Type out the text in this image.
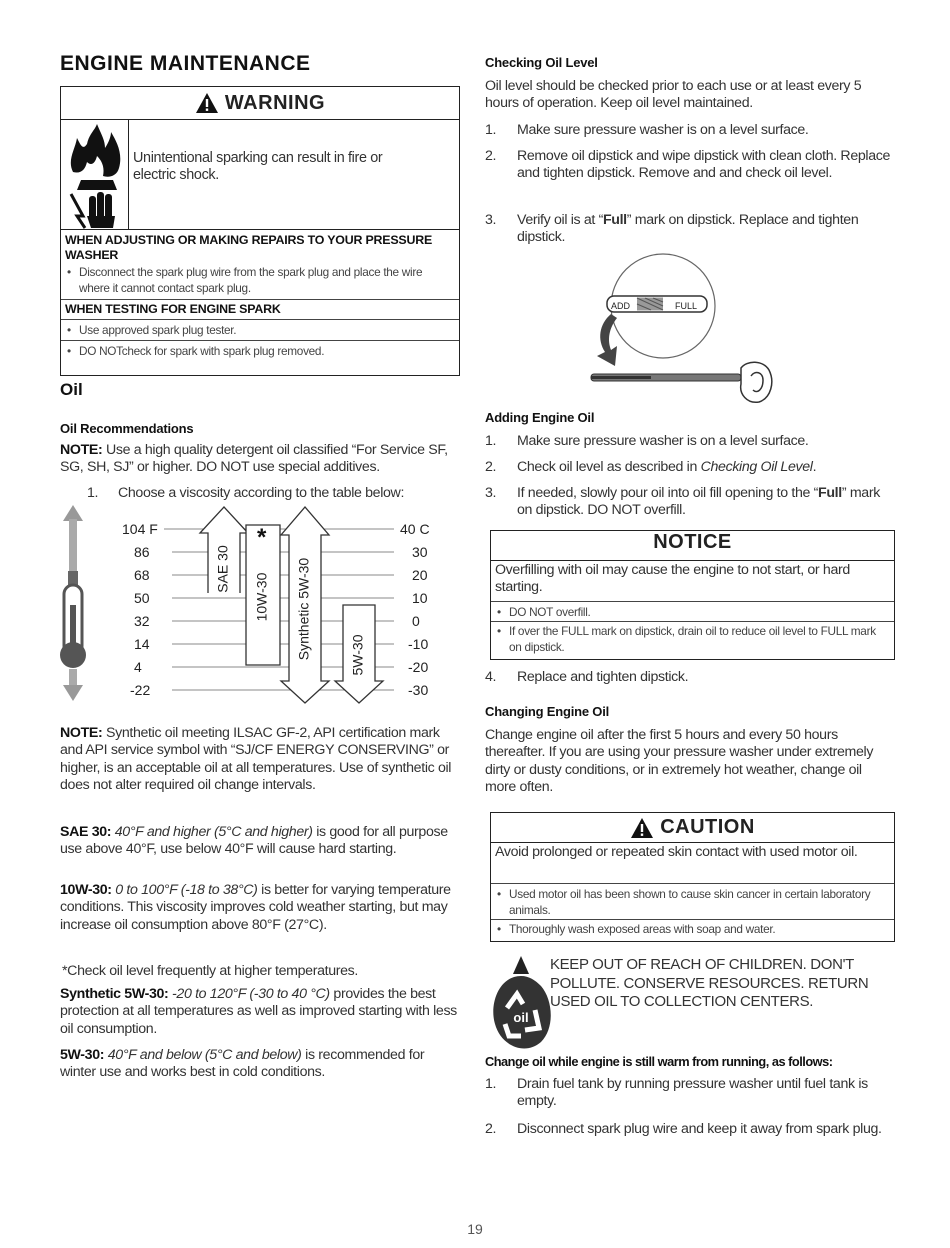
ENGINE MAINTENANCE
WARNING
Unintentional sparking can result in fire or
electric shock.
WHEN ADJUSTING OR MAKING REPAIRS TO YOUR PRESSURE WASHER
• Disconnect the spark plug wire from the spark plug and place the wire where it cannot contact spark plug.
WHEN TESTING FOR ENGINE SPARK
• Use approved spark plug tester.
• DO NOTcheck for spark with spark plug removed.
Oil
Oil Recommendations
NOTE: Use a high quality detergent oil classified “For Service SF, SG, SH, SJ” or higher. DO NOT use special additives.
1. Choose a viscosity according to the table below:
104 F
86
68
50
32
14
4
-22
40 C
30
20
10
0
-10
-20
-30
SAE 30
10W-30 Synthetic 5W-30	5W-30
*
NOTE: Synthetic oil meeting ILSAC GF-2, API certification mark and API service symbol with “SJ/CF ENERGY CONSERVING” or higher, is an acceptable oil at all temperatures. Use of synthetic oil does not alter required oil change intervals.
SAE 30: 40°F and higher (5°C and higher) is good for all purpose use above 40°F, use below 40°F will cause hard starting.
10W-30: 0 to 100°F (-18 to 38°C) is better for varying temperature conditions. This viscosity improves cold weather starting, but may increase oil consumption above 80°F (27°C).
*Check oil level frequently at higher temperatures.
Synthetic 5W-30: -20 to 120°F (-30 to 40 °C) provides the best protection at all temperatures as well as improved starting with less oil consumption.
5W-30: 40°F and below (5°C and below) is recommended for winter use and works best in cold conditions.
Checking Oil Level
Oil level should be checked prior to each use or at least every 5 hours of operation. Keep oil level maintained.
1. Make sure pressure washer is on a level surface.
2. Remove oil dipstick and wipe dipstick with clean cloth. Replace and tighten dipstick. Remove and and check oil level.
3. Verify oil is at “Full” mark on dipstick. Replace and tighten dipstick.
ADD	FULL
Adding Engine Oil
1. Make sure pressure washer is on a level surface.
2. Check oil level as described in Checking Oil Level.
3. If needed, slowly pour oil into oil fill opening to the “Full” mark on dipstick. DO NOT overfill.
NOTICE
Overfilling with oil may cause the engine to not start, or hard starting.
• DO NOT overfill.
• If over the FULL mark on dipstick, drain oil to reduce oil level to FULL mark on dipstick.
4. Replace and tighten dipstick.
Changing Engine Oil
Change engine oil after the first 5 hours and every 50 hours thereafter. If you are using your pressure washer under extremely dirty or dusty conditions, or in extremely hot weather, change oil more often.
CAUTION
Avoid prolonged or repeated skin contact with used motor oil.
• Used motor oil has been shown to cause skin cancer in certain laboratory animals.
• Thoroughly wash exposed areas with soap and water.
oil
KEEP OUT OF REACH OF CHILDREN. DON'T POLLUTE. CONSERVE RESOURCES. RETURN USED OIL TO COLLECTION CENTERS.
Change oil while engine is still warm from running, as follows:
1. Drain fuel tank by running pressure washer until fuel tank is empty.
2. Disconnect spark plug wire and keep it away from spark plug.
19
